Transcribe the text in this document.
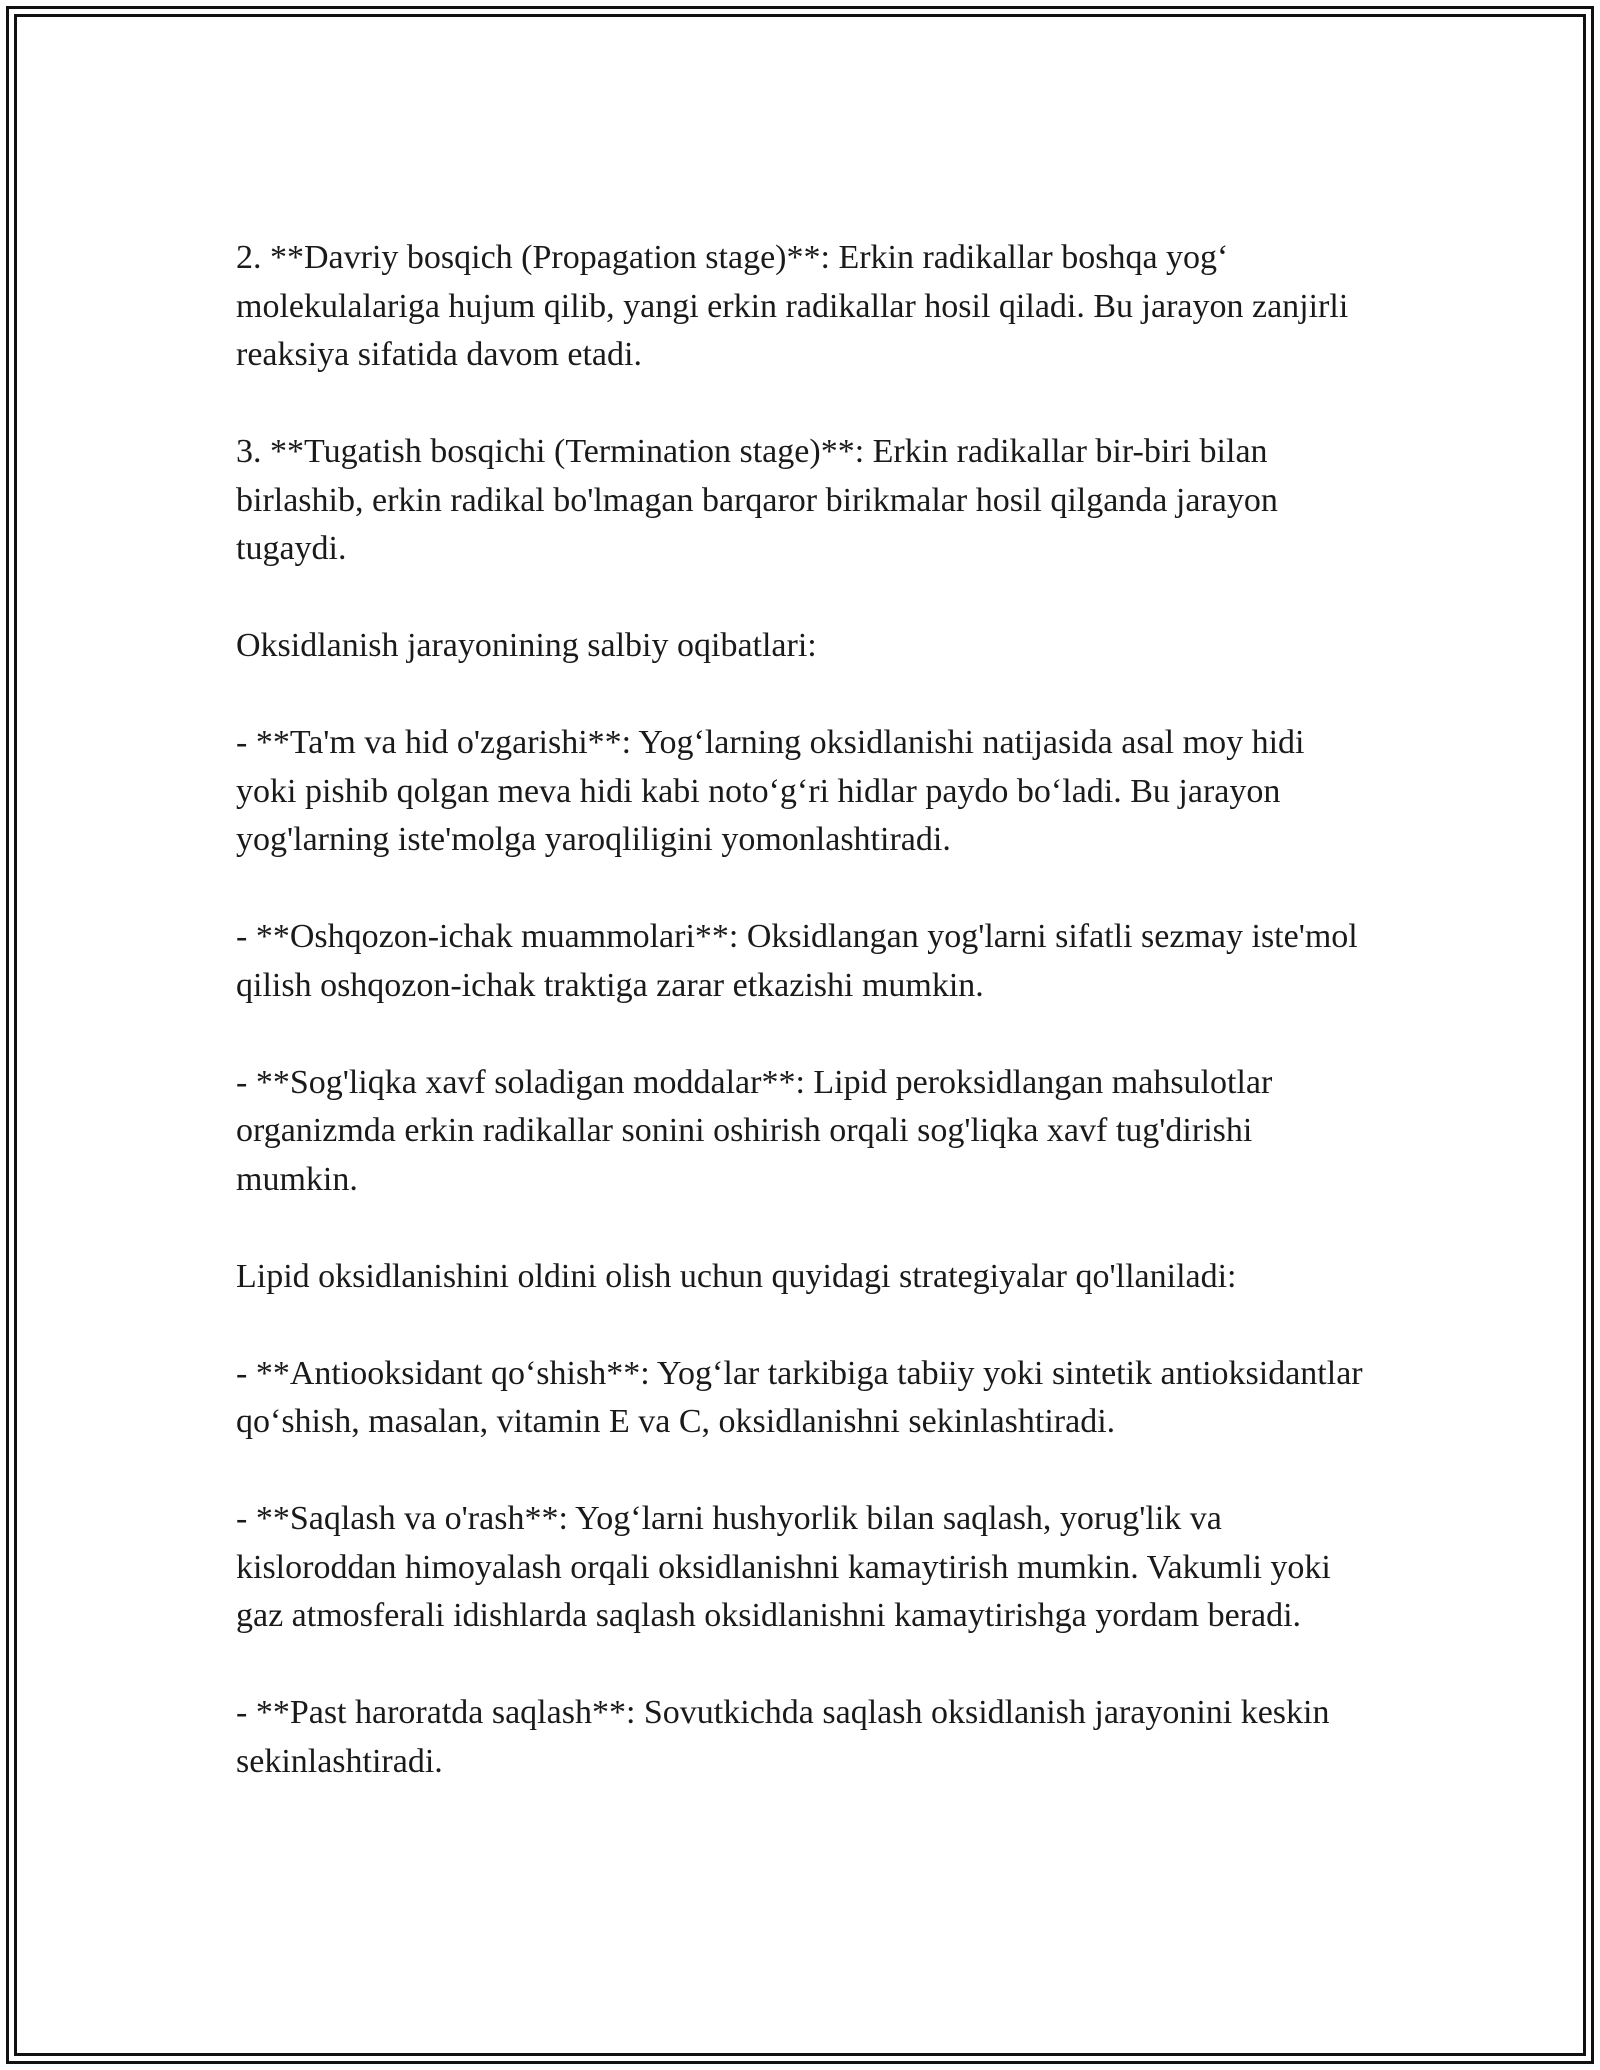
2. **Davriy bosqich (Propagation stage)**: Erkin radikallar boshqa yog‘ molekulalariga hujum qilib, yangi erkin radikallar hosil qiladi. Bu jarayon zanjirli reaksiya sifatida davom etadi.

3. **Tugatish bosqichi (Termination stage)**: Erkin radikallar bir-biri bilan birlashib, erkin radikal bo'lmagan barqaror birikmalar hosil qilganda jarayon tugaydi.

Oksidlanish jarayonining salbiy oqibatlari:

- **Ta'm va hid o'zgarishi**: Yog‘larning oksidlanishi natijasida asal moy hidi yoki pishib qolgan meva hidi kabi noto‘g‘ri hidlar paydo bo‘ladi. Bu jarayon yog'larning iste'molga yaroqliligini yomonlashtiradi.

- **Oshqozon-ichak muammolari**: Oksidlangan yog'larni sifatli sezmay iste'mol qilish oshqozon-ichak traktiga zarar etkazishi mumkin.

- **Sog'liqka xavf soladigan moddalar**: Lipid peroksidlangan mahsulotlar organizmda erkin radikallar sonini oshirish orqali sog'liqka xavf tug'dirishi mumkin.

Lipid oksidlanishini oldini olish uchun quyidagi strategiyalar qo'llaniladi:

- **Antiooksidant qo‘shish**: Yog‘lar tarkibiga tabiiy yoki sintetik antioksidantlar qo‘shish, masalan, vitamin E va C, oksidlanishni sekinlashtiradi.

- **Saqlash va o'rash**: Yog‘larni hushyorlik bilan saqlash, yorug'lik va kisloroddan himoyalash orqali oksidlanishni kamaytirish mumkin. Vakumli yoki gaz atmosferali idishlarda saqlash oksidlanishni kamaytirishga yordam beradi.

- **Past haroratda saqlash**: Sovutkichda saqlash oksidlanish jarayonini keskin sekinlashtiradi.
